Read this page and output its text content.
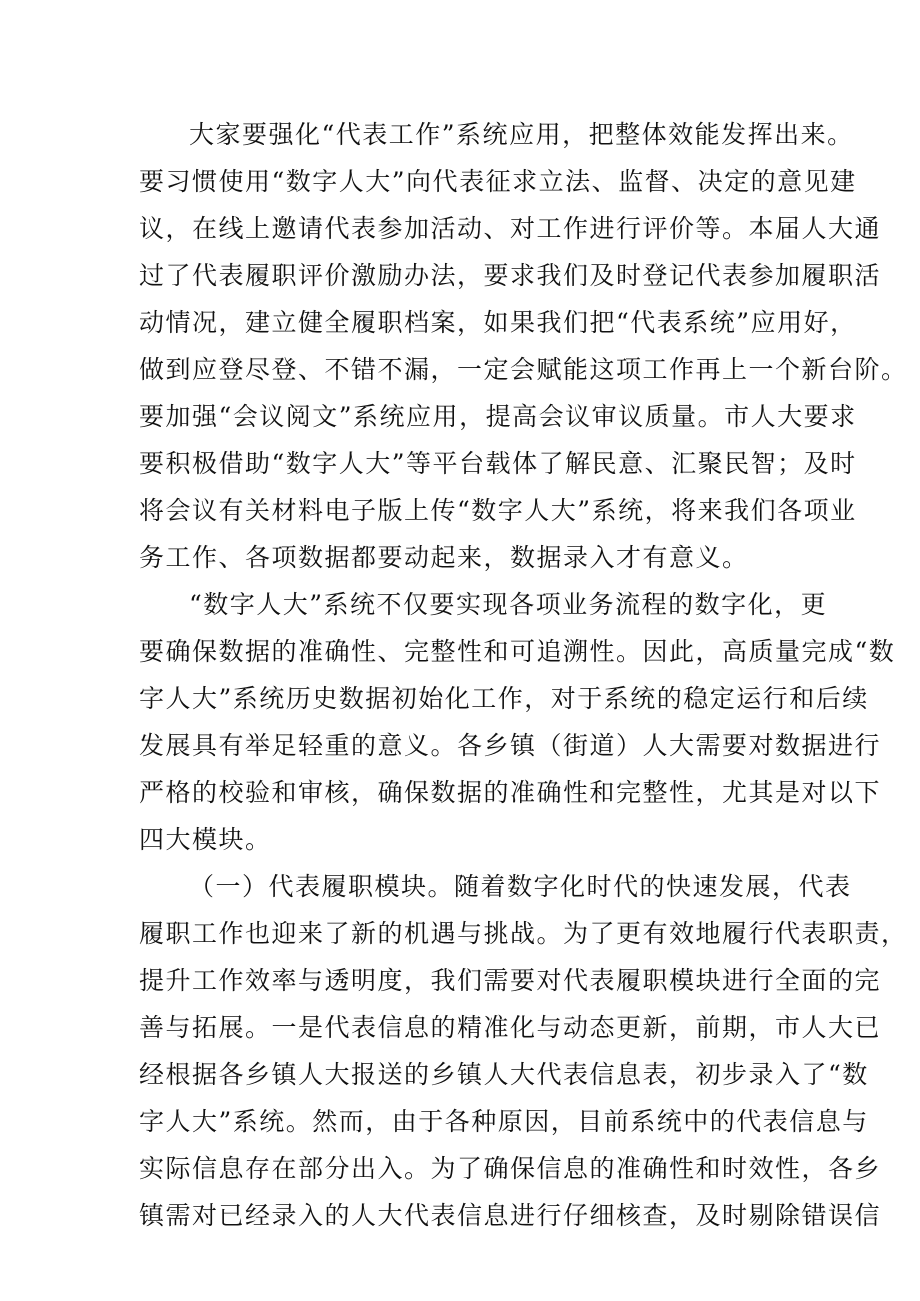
大家要强化“代表工作”系统应用，把整体效能发挥出来。
要习惯使用“数字人大”向代表征求立法、监督、决定的意见建
议，在线上邀请代表参加活动、对工作进行评价等。本届人大通
过了代表履职评价激励办法，要求我们及时登记代表参加履职活
动情况，建立健全履职档案，如果我们把“代表系统”应用好，
做到应登尽登、不错不漏，一定会赋能这项工作再上一个新台阶。
要加强“会议阅文”系统应用，提高会议审议质量。市人大要求
要积极借助“数字人大”等平台载体了解民意、汇聚民智；及时
将会议有关材料电子版上传“数字人大”系统，将来我们各项业
务工作、各项数据都要动起来，数据录入才有意义。
“数字人大”系统不仅要实现各项业务流程的数字化，更
要确保数据的准确性、完整性和可追溯性。因此，高质量完成“数
字人大”系统历史数据初始化工作，对于系统的稳定运行和后续
发展具有举足轻重的意义。各乡镇（街道）人大需要对数据进行
严格的校验和审核，确保数据的准确性和完整性，尤其是对以下
四大模块。
（一）代表履职模块。随着数字化时代的快速发展，代表
履职工作也迎来了新的机遇与挑战。为了更有效地履行代表职责，
提升工作效率与透明度，我们需要对代表履职模块进行全面的完
善与拓展。一是代表信息的精准化与动态更新，前期，市人大已
经根据各乡镇人大报送的乡镇人大代表信息表，初步录入了“数
字人大”系统。然而，由于各种原因，目前系统中的代表信息与
实际信息存在部分出入。为了确保信息的准确性和时效性，各乡
镇需对已经录入的人大代表信息进行仔细核查，及时剔除错误信
